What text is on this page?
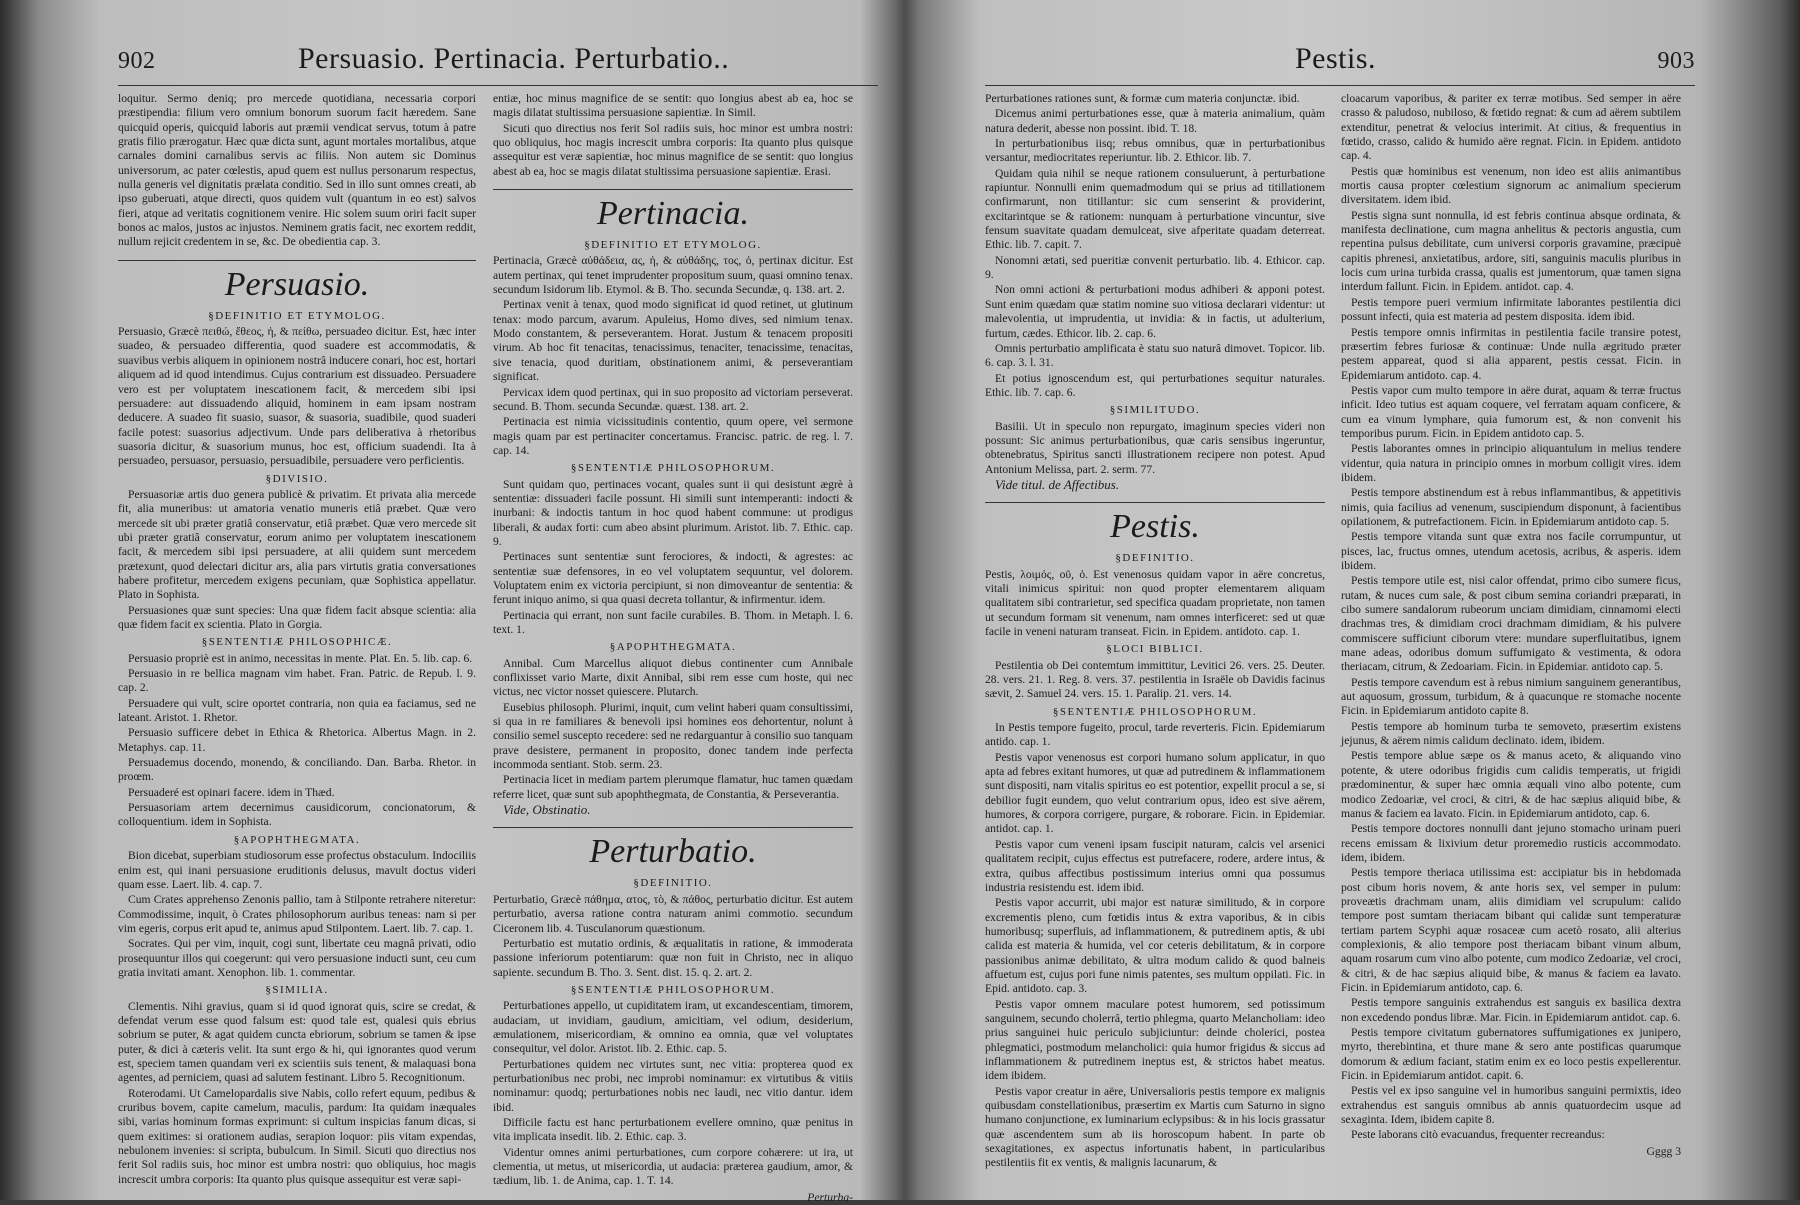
902	Persuasio. Pertinacia. Perturbatio..

loquitur. Sermo deniq; pro mercede quotidiana, necessaria corpori præstipendia: filium vero omnium bonorum suorum facit hæredem. Sane quicquid operis, quicquid laboris aut præmii vendicat servus, totum à patre gratis filio prærogatur. Hæc quæ dicta sunt, agunt mortales mortalibus, atque carnales domini carnalibus servis ac filiis. Non autem sic Dominus universorum, ac pater cœlestis, apud quem est nullus personarum respectus, nulla generis vel dignitatis prælata conditio. Sed in illo sunt omnes creati, ab ipso guberuati, atque directi, quos quidem vult (quantum in eo est) salvos fieri, atque ad veritatis cognitionem venire. Hic solem suum oriri facit super bonos ac malos, justos ac injustos. Neminem gratis facit, nec exortem reddit, nullum rejicit credentem in se, &c. De obedientia cap. 3.

Persuasio.
§ DEFINITIO ET ETYMOLOG.

Persuasio, Græcè πειθώ, ἔθεος, ἡ, & πείθω, persuadeo dicitur. Est, hæc inter suadeo, & persuadeo differentia, quod suadere est accommodatis, & suavibus verbis aliquem in opinionem nostrâ inducere conari, hoc est, hortari aliquem ad id quod intendimus. Cujus contrarium est dissuadeo. Persuadere vero est per voluptatem inescationem facit, & mercedem sibi ipsi persuadere: aut dissuadendo aliquid, hominem in eam ipsam nostram deducere. A suadeo fit suasio, suasor, & suasoria, suadibile, quod suaderi facile potest: suasorius adjectivum. Unde pars deliberativa à rhetoribus suasoria dicitur, & suasorium munus, hoc est, officium suadendi. Ita à persuadeo, persuasor, persuasio, persuadibile, persuadere vero perficientis.

§ DIVISIO.

Persuasoriæ artis duo genera publicè & privatim. Et privata alia mercede fit, alia muneribus: ut amatoria venatio muneris etiâ præbet. Quæ vero mercede sit ubi præter gratiâ conservatur, etiâ præbet. Quæ vero mercede sit ubi præter gratiâ conservatur, eorum animo per voluptatem inescationem facit, & mercedem sibi ipsi persuadere, at alii quidem sunt mercedem prætexunt, quod delectari dicitur ars, alia pars virtutis gratia conversationes habere profitetur, mercedem exigens pecuniam, quæ Sophistica appellatur. Plato in Sophista.

Persuasiones quæ sunt species: Una quæ fidem facit absque scientia: alia quæ fidem facit ex scientia. Plato in Gorgia.

§ SENTENTIÆ PHILOSOPHICÆ.

Persuasio propriè est in animo, necessitas in mente. Plat. En. 5. lib. cap. 6.

Persuasio in re bellica magnam vim habet. Fran. Patric. de Repub. l. 9. cap. 2.

Persuadere qui vult, scire oportet contraria, non quia ea faciamus, sed ne lateant. Aristot. 1. Rhetor.

Persuasio sufficere debet in Ethica & Rhetorica. Albertus Magn. in 2. Metaphys. cap. 11.

Persuademus docendo, monendo, & conciliando. Dan. Barba. Rhetor. in proœm.

Persuaderé est opinari facere. idem in Thæd.

Persuasoriam artem decernimus causidicorum, concionatorum, & colloquentium. idem in Sophista.

§ APOPHTHEGMATA.

Bion dicebat, superbiam studiosorum esse profectus obstaculum. Indociliis enim est, qui inani persuasione eruditionis delusus, mavult doctus videri quam esse. Laert. lib. 4. cap. 7.

Cum Crates apprehenso Zenonis pallio, tam à Stilponte retrahere niteretur: Commodissime, inquit, ò Crates philosophorum auribus teneas: nam si per vim egeris, corpus erit apud te, animus apud Stilpontem. Laert. lib. 7. cap. 1.

Socrates. Qui per vim, inquit, cogi sunt, libertate ceu magnâ privati, odio prosequuntur illos qui coegerunt: qui vero persuasione inducti sunt, ceu cum gratia invitati amant. Xenophon. lib. 1. commentar.

§ SIMILIA.

Clementis. Nihi gravius, quam si id quod ignorat quis, scire se credat, & defendat verum esse quod falsum est: quod tale est, qualesi quis ebrius sobrium se puter, & agat quidem cuncta ebriorum, sobrium se tamen & ipse puter, & dici à cæteris velit. Ita sunt ergo & hi, qui ignorantes quod verum est, speciem tamen quandam veri ex scientiis suis tenent, & malaquasi bona agentes, ad perniciem, quasi ad salutem festinant. Libro 5. Recognitionum.

Roterodami. Ut Camelopardalis sive Nabis, collo refert equum, pedibus & cruribus bovem, capite camelum, maculis, pardum: Ita quidam inæquales sibi, varias hominum formas exprimunt: si cultum inspicias fanum dicas, si quem exitimes: si orationem audias, serapion loquor: piis vitam expendas, nebulonem invenies: si scripta, bubulcum. In Simil. Sicuti quo directius nos ferit Sol radiis suis, hoc minor est umbra nostri: quo obliquius, hoc magis increscit umbra corporis: Ita quanto plus quisque assequitur est veræ sapi-

entiæ, hoc minus magnifice de se sentit: quo longius abest ab ea, hoc se magis dilatat stultissima persuasione sapientiæ. In Simil.

Sicuti quo directius nos ferit Sol radiis suis, hoc minor est umbra nostri: quo obliquius, hoc magis increscit umbra corporis: Ita quanto plus quisque assequitur est veræ sapientiæ, hoc minus magnifice de se sentit: quo longius abest ab ea, hoc se magis dilatat stultissima persuasione sapientiæ. Erasi.

Pertinacia.
§ DEFINITIO ET ETYMOLOG.

Pertinacia, Græcè αὐθάδεια, ας, ἡ, & αὐθάδης, τος, ὁ, pertinax dicitur. Est autem pertinax, qui tenet imprudenter propositum suum, quasi omnino tenax. secundum Isidorum lib. Etymol. & B. Tho. secunda Secundæ, q. 138. art. 2.

Pertinax venit à tenax, quod modo significat id quod retinet, ut glutinum tenax: modo parcum, avarum. Apuleius, Homo dives, sed nimium tenax. Modo constantem, & perseverantem. Horat. Justum & tenacem propositi virum. Ab hoc fit tenacitas, tenacissimus, tenaciter, tenacissime, tenacitas, sive tenacia, quod duritiam, obstinationem animi, & perseverantiam significat.

Pervicax idem quod pertinax, qui in suo proposito ad victoriam perseverat. secund. B. Thom. secunda Secundæ. quæst. 138. art. 2.

Pertinacia est nimia vicissitudinis contentio, quum opere, vel sermone magis quam par est pertinaciter concertamus. Francisc. patric. de reg. l. 7. cap. 14.

§ SENTENTIÆ PHILOSOPHORUM.

Sunt quidam quo, pertinaces vocant, quales sunt ii qui desistunt ægrè à sententiæ: dissuaderi facile possunt. Hi simili sunt intemperanti: indocti & inurbani: & indoctis tantum in hoc quod habent commune: ut prodigus liberali, & audax forti: cum abeo absint plurimum. Aristot. lib. 7. Ethic. cap. 9.

Pertinaces sunt sententiæ sunt ferociores, & indocti, & agrestes: ac sententiæ suæ defensores, in eo vel voluptatem sequuntur, vel dolorem. Voluptatem enim ex victoria percipiunt, si non dimoveantur de sententia: & ferunt iniquo animo, si qua quasi decreta tollantur, & infirmentur. idem.

Pertinacia qui errant, non sunt facile curabiles. B. Thom. in Metaph. l. 6. text. 1.

§ APOPHTHEGMATA.

Annibal. Cum Marcellus aliquot diebus continenter cum Annibale conflixisset vario Marte, dixit Annibal, sibi rem esse cum hoste, qui nec victus, nec victor nosset quiescere. Plutarch.

Eusebius philosoph. Plurimi, inquit, cum velint haberi quam consultissimi, si qua in re familiares & benevoli ipsi homines eos dehortentur, nolunt à consilio semel suscepto recedere: sed ne redarguantur à consilio suo tanquam prave desistere, permanent in proposito, donec tandem inde perfecta incommoda sentiant. Stob. serm. 23.

Pertinacia licet in mediam partem plerumque flamatur, huc tamen quædam referre licet, quæ sunt sub apophthegmata, de Constantia, & Perseverantia.

Vide, Obstinatio.

Perturbatio.
§ DEFINITIO.

Perturbatio, Græcè πάθημα, ατος, τὸ, & πάθος, perturbatio dicitur. Est autem perturbatio, aversa ratione contra naturam animi commotio. secundum Ciceronem lib. 4. Tusculanorum quæstionum.

Perturbatio est mutatio ordinis, & æqualitatis in ratione, & immoderata passione inferiorum potentiarum: quæ non fuit in Christo, nec in aliquo sapiente. secundum B. Tho. 3. Sent. dist. 15. q. 2. art. 2.

§ SENTENTIÆ PHILOSOPHORUM.

Perturbationes appello, ut cupiditatem iram, ut excandescentiam, timorem, audaciam, ut invidiam, gaudium, amicitiam, vel odium, desiderium, æmulationem, misericordiam, & omnino ea omnia, quæ vel voluptates consequitur, vel dolor. Aristot. lib. 2. Ethic. cap. 5.

Perturbationes quidem nec virtutes sunt, nec vitia: propterea quod ex perturbationibus nec probi, nec improbi nominamur: ex virtutibus & vitiis nominamur: quodq; perturbationes nobis nec laudi, nec vitio dantur. idem ibid.

Difficile factu est hanc perturbationem evellere omnino, quæ penitus in vita implicata insedit. lib. 2. Ethic. cap. 3.

Videntur omnes animi perturbationes, cum corpore cohærere: ut ira, ut clementia, ut metus, ut misericordia, ut audacia: præterea gaudium, amor, & tædium, lib. 1. de Anima, cap. 1. T. 14.

Perturba-
Pestis.	903

Perturbationes rationes sunt, & formæ cum materia conjunctæ. ibid.

Dicemus animi perturbationes esse, quæ à materia animalium, quàm natura dederit, abesse non possint. ibid. T. 18.

In perturbationibus iisq; rebus omnibus, quæ in perturbationibus versantur, mediocritates reperiuntur. lib. 2. Ethicor. lib. 7.

Quidam quia nihil se neque rationem consuluerunt, à perturbatione rapiuntur. Nonnulli enim quemadmodum qui se prius ad titillationem confirmarunt, non titillantur: sic cum senserint & providerint, excitarintque se & rationem: nunquam à perturbatione vincuntur, sive fensum suavitate quadam demulceat, sive afperitate quadam deterreat. Ethic. lib. 7. capit. 7.

Nonomni ætati, sed pueritiæ convenit perturbatio. lib. 4. Ethicor. cap. 9.

Non omni actioni & perturbationi modus adhiberi & apponi potest. Sunt enim quædam quæ statim nomine suo vitiosa declarari videntur: ut malevolentia, ut imprudentia, ut invidia: & in factis, ut adulterium, furtum, cædes. Ethicor. lib. 2. cap. 6.

Omnis perturbatio amplificata è statu suo naturâ dimovet. Topicor. lib. 6. cap. 3. l. 31.

Et potius ignoscendum est, qui perturbationes sequitur naturales. Ethic. lib. 7. cap. 6.

§ SIMILITUDO.

Basilii. Ut in speculo non repurgato, imaginum species videri non possunt: Sic animus perturbationibus, quæ caris sensibus ingeruntur, obtenebratus, Spiritus sancti illustrationem recipere non potest. Apud Antonium Melissa, part. 2. serm. 77.

Vide titul. de Affectibus.

Pestis.
§ DEFINITIO.

Pestis, λοιμός, οῦ, ὁ. Est venenosus quidam vapor in aëre concretus, vitali inimicus spiritui: non quod propter elementarem aliquam qualitatem sibi contrarietur, sed specifica quadam proprietate, non tamen ut secundum formam sit venenum, nam omnes interficeret: sed ut quæ facile in veneni naturam transeat. Ficin. in Epidem. antidoto. cap. 1.

§ LOCI BIBLICI.

Pestilentia ob Dei contemtum immittitur, Levitici 26. vers. 25. Deuter. 28. vers. 21. 1. Reg. 8. vers. 37. pestilentia in Israële ob Davidis facinus sævit, 2. Samuel 24. vers. 15. 1. Paralip. 21. vers. 14.

§ SENTENTIÆ PHILOSOPHORUM.

In Pestis tempore fugeito, procul, tarde reverteris. Ficin. Epidemiarum antido. cap. 1.

Pestis vapor venenosus est corpori humano solum applicatur, in quo apta ad febres exitant humores, ut quæ ad putredinem & inflammationem sunt dispositi, nam vitalis spiritus eo est potentior, expellit procul a se, si debilior fugit eundem, quo velut contrarium opus, ideo est sive aërem, humores, & corpora corrigere, purgare, & roborare. Ficin. in Epidemiar. antidot. cap. 1.

Pestis vapor cum veneni ipsam fuscipit naturam, calcis vel arsenici qualitatem recipit, cujus effectus est putrefacere, rodere, ardere intus, & extra, quibus affectibus postissimum interius omni qua possumus industria resistendu est. idem ibid.

Pestis vapor accurrit, ubi major est naturæ similitudo, & in corpore excrementis pleno, cum fœtidis intus & extra vaporibus, & in cibis humoribusq; superfluis, ad inflammationem, & putredinem aptis, & ubi calida est materia & humida, vel cor ceteris debilitatum, & in corpore passionibus animæ debilitato, & ultra modum calido & quod balneis affuetum est, cujus pori fune nimis patentes, ses multum oppilati. Fic. in Epid. antidoto. cap. 3.

Pestis vapor omnem maculare potest humorem, sed potissimum sanguinem, secundo cholerrâ, tertio phlegma, quarto Melancholiam: ideo prius sanguinei huic periculo subjiciuntur: deinde cholerici, postea phlegmatici, postmodum melancholici: quia humor frigidus & siccus ad inflammationem & putredinem ineptus est, & strictos habet meatus. idem ibidem.

Pestis vapor creatur in aëre, Universalioris pestis tempore ex malignis quibusdam constellationibus, præsertim ex Martis cum Saturno in signo humano conjunctione, ex luminarium eclypsibus: & in his locis grassatur quæ ascendentem sum ab iis horoscopum habent. In parte ob sexagitationes, ex aspectus infortunatis habent, in particularibus pestilentiis fit ex ventis, & malignis lacunarum, &

cloacarum vaporibus, & pariter ex terræ motibus. Sed semper in aëre crasso & paludoso, nubiloso, & fœtido regnat: & cum ad aërem subtilem extenditur, penetrat & velocius interimit. At citius, & frequentius in fœtido, crasso, calido & humido aëre regnat. Ficin. in Epidem. antidoto cap. 4.

Pestis quæ hominibus est venenum, non ideo est aliis animantibus mortis causa propter cœlestium signorum ac animalium specierum diversitatem. idem ibid.

Pestis signa sunt nonnulla, id est febris continua absque ordinata, & manifesta declinatione, cum magna anhelitus & pectoris angustia, cum repentina pulsus debilitate, cum universi corporis gravamine, præcipuè capitis phrenesi, anxietatibus, ardore, siti, sanguinis maculis pluribus in locis cum urina turbida crassa, qualis est jumentorum, quæ tamen signa interdum fallunt. Ficin. in Epidem. antidot. cap. 4.

Pestis tempore pueri vermium infirmitate laborantes pestilentia dici possunt infecti, quia est materia ad pestem disposita. idem ibid.

Pestis tempore omnis infirmitas in pestilentia facile transire potest, præsertim febres furiosæ & continuæ: Unde nulla ægritudo præter pestem appareat, quod si alia apparent, pestis cessat. Ficin. in Epidemiarum antidoto. cap. 4.

Pestis vapor cum multo tempore in aëre durat, aquam & terræ fructus inficit. Ideo tutius est aquam coquere, vel ferratam aquam conficere, & cum ea vinum lymphare, quia fumorum est, & non convenit his temporibus purum. Ficin. in Epidem antidoto cap. 5.

Pestis laborantes omnes in principio aliquantulum in melius tendere videntur, quia natura in principio omnes in morbum colligit vires. idem ibidem.

Pestis tempore abstinendum est à rebus inflammantibus, & appetitivis nimis, quia facilius ad venenum, suscipiendum disponunt, à facientibus opilationem, & putrefactionem. Ficin. in Epidemiarum antidoto cap. 5.

Pestis tempore vitanda sunt quæ extra nos facile corrumpuntur, ut pisces, lac, fructus omnes, utendum acetosis, acribus, & asperis. idem ibidem.

Pestis tempore utile est, nisi calor offendat, primo cibo sumere ficus, rutam, & nuces cum sale, & post cibum semina coriandri præparati, in cibo sumere sandalorum rubeorum unciam dimidiam, cinnamomi electi drachmas tres, & dimidiam croci drachmam dimidiam, & his pulvere commiscere sufficiunt ciborum vtere: mundare superfluitatibus, ignem mane adeas, odoribus domum suffumigato & vestimenta, & odora theriacam, citrum, & Zedoariam. Ficin. in Epidemiar. antidoto cap. 5.

Pestis tempore cavendum est à rebus nimium sanguinem generantibus, aut aquosum, grossum, turbidum, & à quacunque re stomache nocente Ficin. in Epidemiarum antidoto capite 8.

Pestis tempore ab hominum turba te semoveto, præsertim existens jejunus, & aërem nimis calidum declinato. idem, ibidem.

Pestis tempore ablue sæpe os & manus aceto, & aliquando vino potente, & utere odoribus frigidis cum calidis temperatis, ut frigidi prædominentur, & super hæc omnia æquali vino albo potente, cum modico Zedoariæ, vel croci, & citri, & de hac sæpius aliquid bibe, & manus & faciem ea lavato. Ficin. in Epidemiarum antidoto, cap. 6.

Pestis tempore doctores nonnulli dant jejuno stomacho urinam pueri recens emissam & lixivium detur proremedio rusticis accommodato. idem, ibidem.

Pestis tempore theriaca utilissima est: accipiatur bis in hebdomada post cibum horis novem, & ante horis sex, vel semper in pulum: proveætis drachmam unam, aliis dimidiam vel scrupulum: calido tempore post sumtam theriacam bibant qui calidæ sunt temperaturæ tertiam partem Scyphi aquæ rosaceæ cum acetò rosato, alii alterius complexionis, & alio tempore post theriacam bibant vinum album, aquam rosarum cum vino albo potente, cum modico Zedoariæ, vel croci, & citri, & de hac sæpius aliquid bibe, & manus & faciem ea lavato. Ficin. in Epidemiarum antidoto, cap. 6.

Pestis tempore sanguinis extrahendus est sanguis ex basilica dextra non excedendo pondus libræ. Mar. Ficin. in Epidemiarum antidot. cap. 6.

Pestis tempore civitatum gubernatores suffumigationes ex junipero, myrto, therebintina, et thure mane & sero ante postificas quarumque domorum & ædium faciant, statim enim ex eo loco pestis expellerentur. Ficin. in Epidemiarum antidot. capit. 6.

Pestis vel ex ipso sanguine vel in humoribus sanguini permixtis, ideo extrahendus est sanguis omnibus ab annis quatuordecim usque ad sexaginta. Idem, ibidem capite 8.

Peste laborans citò evacuandus, frequenter recreandus:

Gggg 3
